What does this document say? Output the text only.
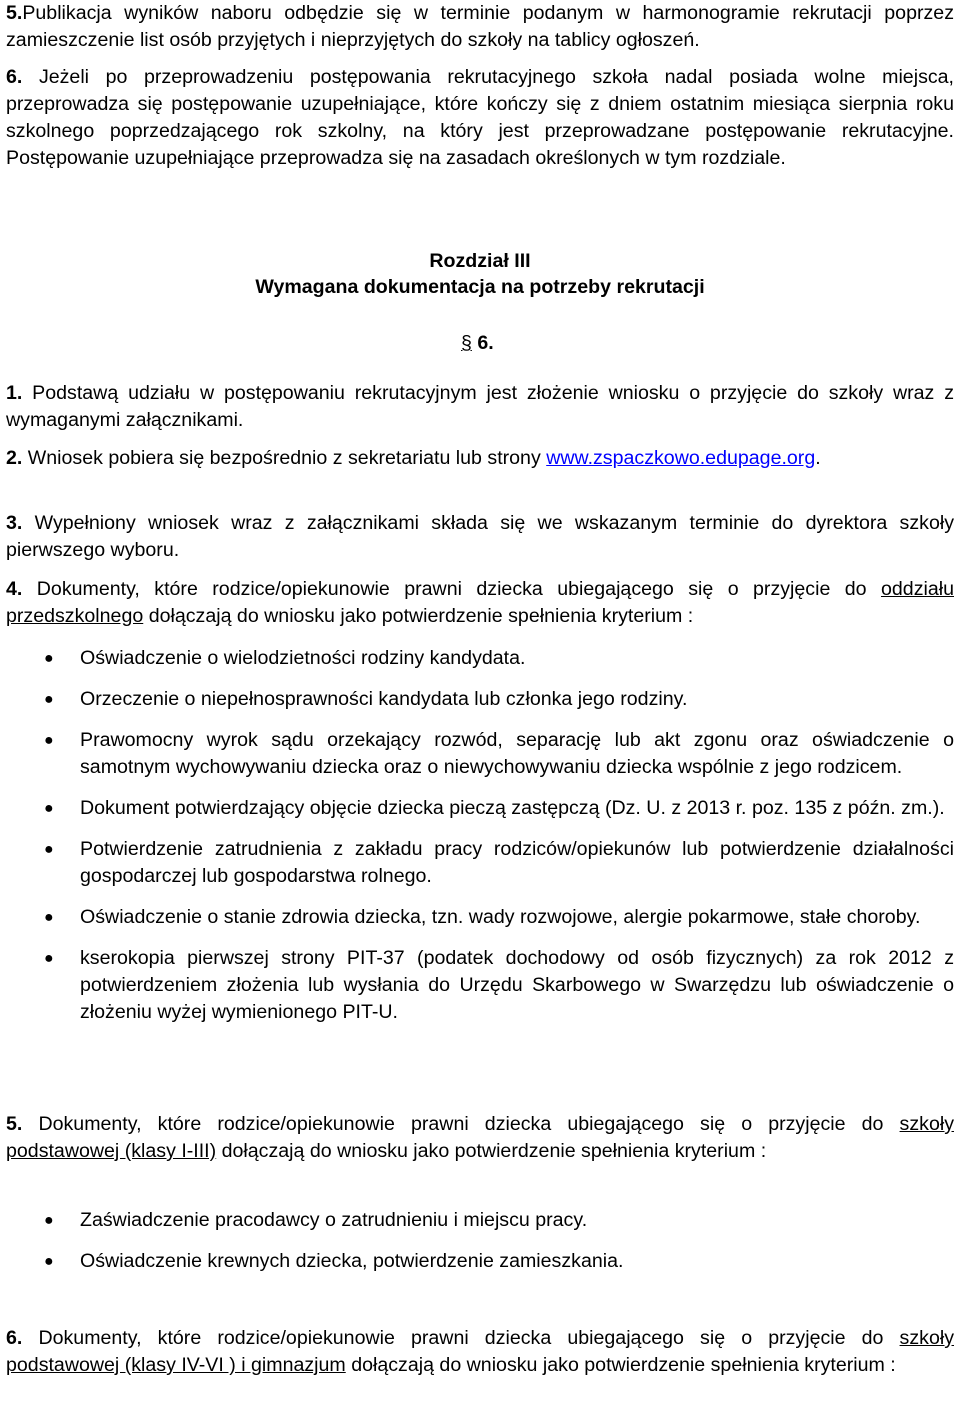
5.Publikacja wyników naboru odbędzie się w terminie podanym w harmonogramie rekrutacji poprzez zamieszczenie list osób przyjętych i nieprzyjętych do szkoły na tablicy ogłoszeń.

6. Jeżeli po przeprowadzeniu postępowania rekrutacyjnego szkoła nadal posiada wolne miejsca, przeprowadza się postępowanie uzupełniające, które kończy się z dniem ostatnim miesiąca sierpnia roku szkolnego poprzedzającego rok szkolny, na który jest przeprowadzane postępowanie rekrutacyjne. Postępowanie uzupełniające przeprowadza się na zasadach określonych w tym rozdziale.

Rozdział III

Wymagana dokumentacja na potrzeby rekrutacji

§ 6.

1. Podstawą udziału w postępowaniu rekrutacyjnym jest złożenie wniosku o przyjęcie do szkoły wraz z wymaganymi załącznikami.

2. Wniosek pobiera się bezpośrednio z sekretariatu lub strony www.zspaczkowo.edupage.org.

3. Wypełniony wniosek wraz z załącznikami składa się we wskazanym terminie do dyrektora szkoły pierwszego wyboru.

4. Dokumenty, które rodzice/opiekunowie prawni dziecka ubiegającego się o przyjęcie do oddziału przedszkolnego dołączają do wniosku jako potwierdzenie spełnienia kryterium :

● Oświadczenie o wielodzietności rodziny kandydata.
● Orzeczenie o niepełnosprawności kandydata lub członka jego rodziny.
● Prawomocny wyrok sądu orzekający rozwód, separację lub akt zgonu oraz oświadczenie o samotnym wychowywaniu dziecka oraz o niewychowywaniu dziecka wspólnie z jego rodzicem.
● Dokument potwierdzający objęcie dziecka pieczą zastępczą (Dz. U. z 2013 r. poz. 135 z późn. zm.).
● Potwierdzenie zatrudnienia z zakładu pracy rodziców/opiekunów lub potwierdzenie działalności gospodarczej lub gospodarstwa rolnego.
● Oświadczenie o stanie zdrowia dziecka, tzn. wady rozwojowe, alergie pokarmowe, stałe choroby.
● kserokopia pierwszej strony PIT-37 (podatek dochodowy od osób fizycznych) za rok 2012 z potwierdzeniem złożenia lub wysłania do Urzędu Skarbowego w Swarzędzu lub oświadczenie o złożeniu wyżej wymienionego PIT-U.

5. Dokumenty, które rodzice/opiekunowie prawni dziecka ubiegającego się o przyjęcie do szkoły podstawowej (klasy I-III) dołączają do wniosku jako potwierdzenie spełnienia kryterium :

● Zaświadczenie pracodawcy o zatrudnieniu i miejscu pracy.
● Oświadczenie krewnych dziecka, potwierdzenie zamieszkania.

6. Dokumenty, które rodzice/opiekunowie prawni dziecka ubiegającego się o przyjęcie do szkoły podstawowej (klasy IV-VI ) i gimnazjum dołączają do wniosku jako potwierdzenie spełnienia kryterium :
